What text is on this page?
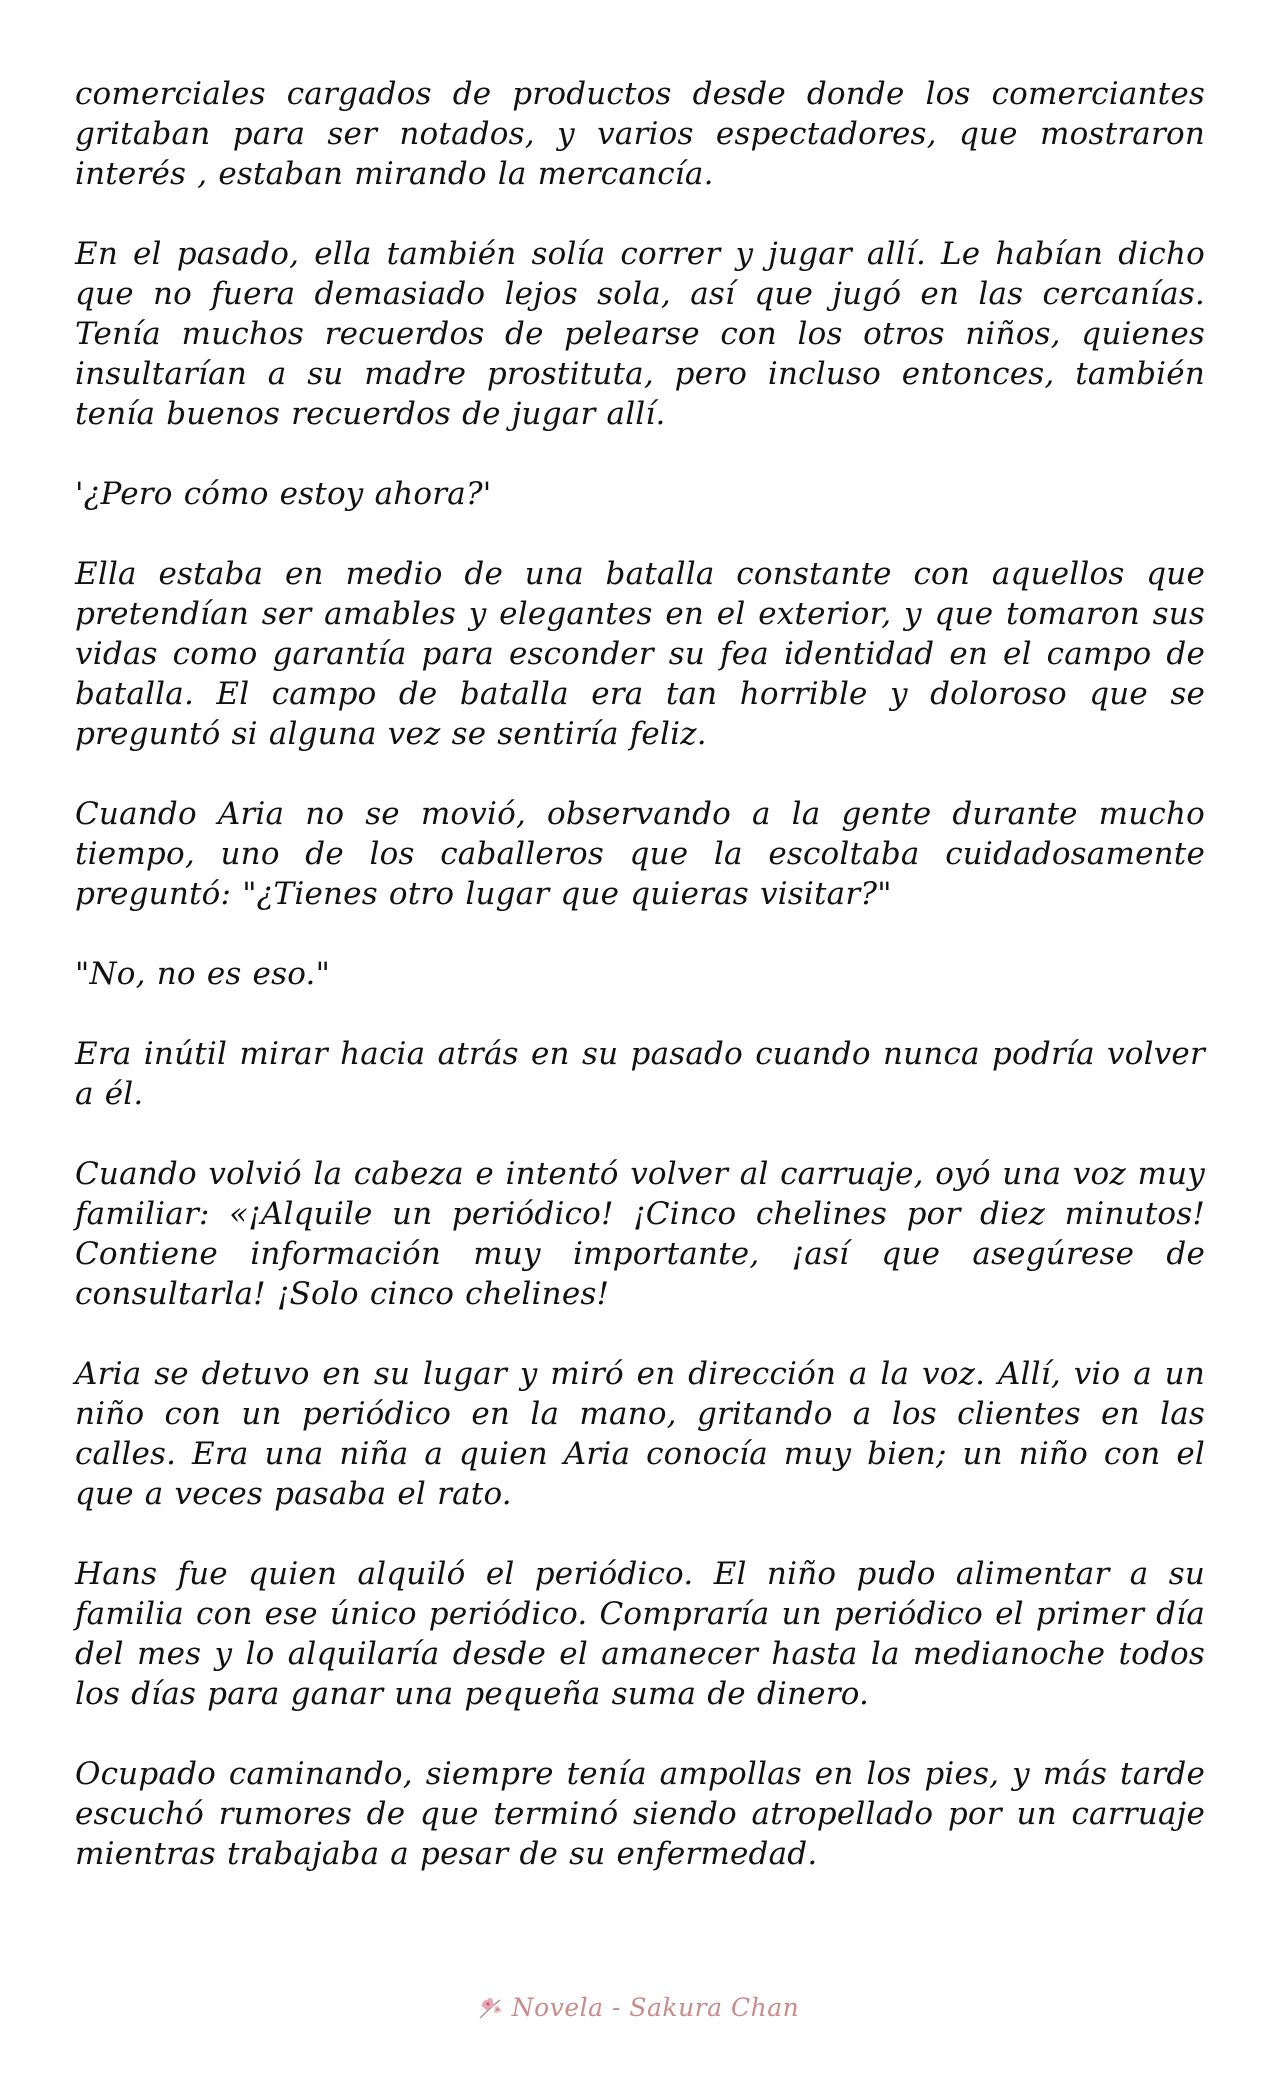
comerciales cargados de productos desde donde los comerciantes gritaban para ser notados, y varios espectadores, que mostraron interés , estaban mirando la mercancía.

En el pasado, ella también solía correr y jugar allí. Le habían dicho que no fuera demasiado lejos sola, así que jugó en las cercanías. Tenía muchos recuerdos de pelearse con los otros niños, quienes insultarían a su madre prostituta, pero incluso entonces, también tenía buenos recuerdos de jugar allí.

'¿Pero cómo estoy ahora?'

Ella estaba en medio de una batalla constante con aquellos que pretendían ser amables y elegantes en el exterior, y que tomaron sus vidas como garantía para esconder su fea identidad en el campo de batalla. El campo de batalla era tan horrible y doloroso que se preguntó si alguna vez se sentiría feliz.

Cuando Aria no se movió, observando a la gente durante mucho tiempo, uno de los caballeros que la escoltaba cuidadosamente preguntó: "¿Tienes otro lugar que quieras visitar?"

"No, no es eso."

Era inútil mirar hacia atrás en su pasado cuando nunca podría volver a él.

Cuando volvió la cabeza e intentó volver al carruaje, oyó una voz muy familiar: «¡Alquile un periódico! ¡Cinco chelines por diez minutos! Contiene información muy importante, ¡así que asegúrese de consultarla! ¡Solo cinco chelines!

Aria se detuvo en su lugar y miró en dirección a la voz. Allí, vio a un niño con un periódico en la mano, gritando a los clientes en las calles. Era una niña a quien Aria conocía muy bien; un niño con el que a veces pasaba el rato.

Hans fue quien alquiló el periódico. El niño pudo alimentar a su familia con ese único periódico. Compraría un periódico el primer día del mes y lo alquilaría desde el amanecer hasta la medianoche todos los días para ganar una pequeña suma de dinero.

Ocupado caminando, siempre tenía ampollas en los pies, y más tarde escuchó rumores de que terminó siendo atropellado por un carruaje mientras trabajaba a pesar de su enfermedad.

Novela - Sakura Chan
